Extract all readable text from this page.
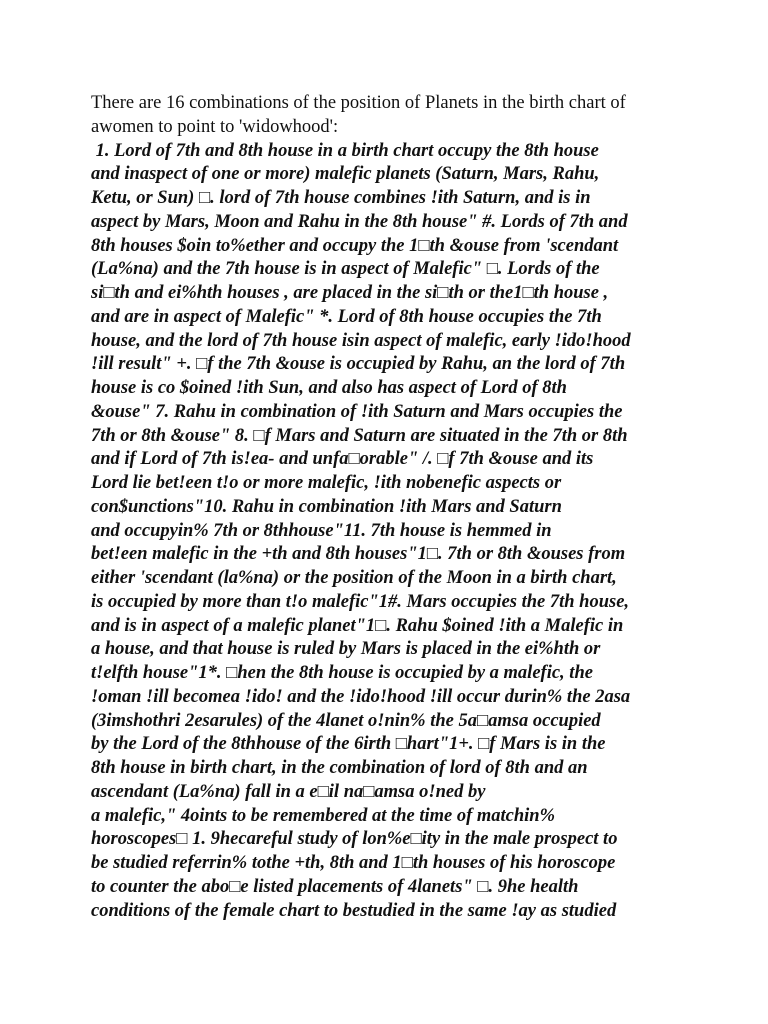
There are 16 combinations of the position of Planets in the birth chart of
awomen to point to 'widowhood':
1. Lord of 7th and 8th house in a birth chart occupy the 8th house
and inaspect of one or more) malefic planets (Saturn, Mars, Rahu,
Ketu, or Sun) □. lord of 7th house combines !ith Saturn, and is in
aspect by Mars, Moon and Rahu in the 8th house" #. Lords of 7th and
8th houses $oin to%ether and occupy the 1□th &ouse from 'scendant
(La%na) and the 7th house is in aspect of Malefic" □. Lords of the
si□th and ei%hth houses , are placed in the si□th or the1□th house ,
and are in aspect of Malefic" *. Lord of 8th house occupies the 7th
house, and the lord of 7th house isin aspect of malefic, early !ido!hood
!ill result" +. □f the 7th &ouse is occupied by Rahu, an the lord of 7th
house is co $oined !ith Sun, and also has aspect of Lord of 8th
&ouse" 7. Rahu in combination of !ith Saturn and Mars occupies the
7th or 8th &ouse" 8. □f Mars and Saturn are situated in the 7th or 8th
and if Lord of 7th is!ea- and unfa□orable" /. □f 7th &ouse and its
Lord lie bet!een t!o or more malefic, !ith nobenefic aspects or
con$unctions"10. Rahu in combination !ith Mars and Saturn
and occupyin% 7th or 8thhouse"11. 7th house is hemmed in
bet!een malefic in the +th and 8th houses"1□. 7th or 8th &ouses from
either 'scendant (la%na) or the position of the Moon in a birth chart,
is occupied by more than t!o malefic"1#. Mars occupies the 7th house,
and is in aspect of a malefic planet"1□. Rahu $oined !ith a Malefic in
a house, and that house is ruled by Mars is placed in the ei%hth or
t!elfth house"1*. □hen the 8th house is occupied by a malefic, the
!oman !ill becomea !ido! and the !ido!hood !ill occur durin% the 2asa
(3imshothri 2esarules) of the 4lanet o!nin% the 5a□amsa occupied
by the Lord of the 8thhouse of the 6irth □hart"1+. □f Mars is in the
8th house in birth chart, in the combination of lord of 8th and an
ascendant (La%na) fall in a e□il na□amsa o!ned by
a malefic," 4oints to be remembered at the time of matchin%
horoscopes□ 1. 9hecareful study of lon%e□ity in the male prospect to
be studied referrin% tothe +th, 8th and 1□th houses of his horoscope
to counter the abo□e listed placements of 4lanets" □. 9he health
conditions of the female chart to bestudied in the same !ay as studied
